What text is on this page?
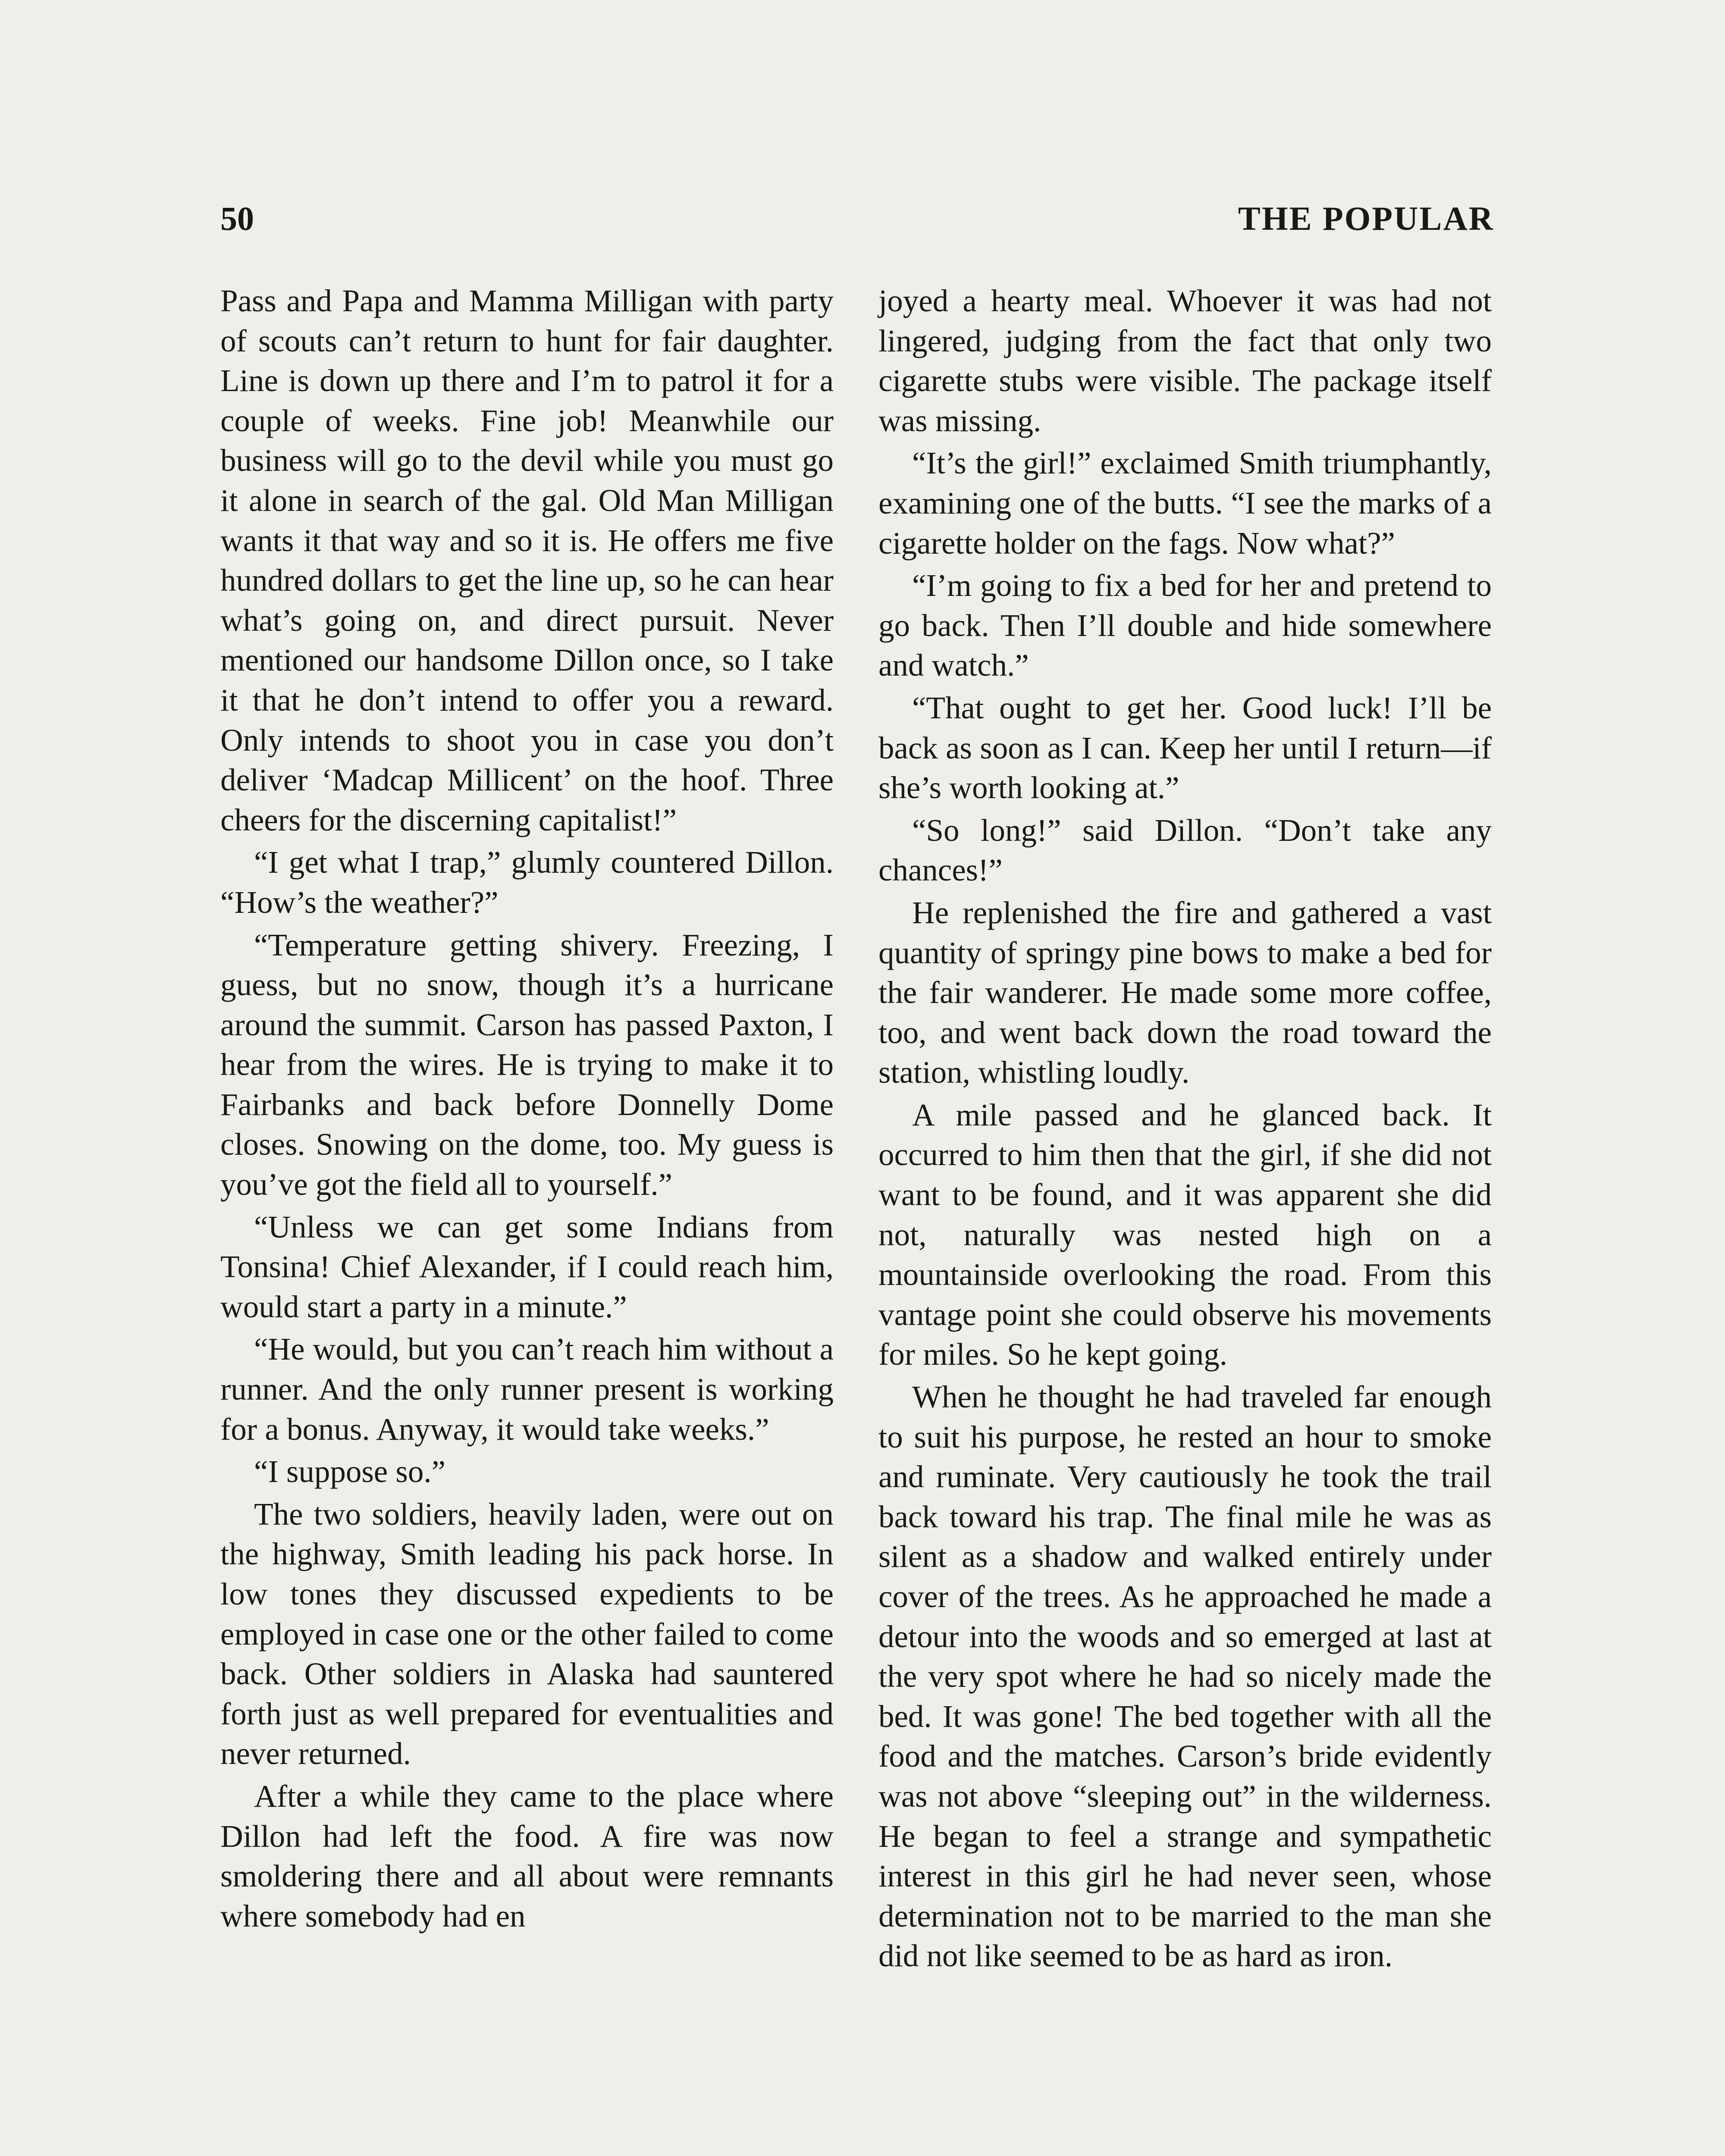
50	THE POPULAR

Pass and Papa and Mamma Milligan with party of scouts can’t return to hunt for fair daughter. Line is down up there and I’m to patrol it for a couple of weeks. Fine job! Meanwhile our business will go to the devil while you must go it alone in search of the gal. Old Man Milligan wants it that way and so it is. He offers me five hundred dollars to get the line up, so he can hear what’s going on, and direct pursuit. Never mentioned our handsome Dillon once, so I take it that he don’t intend to offer you a reward. Only intends to shoot you in case you don’t deliver ‘Madcap Millicent’ on the hoof. Three cheers for the discerning capitalist!”

“I get what I trap,” glumly countered Dillon. “How’s the weather?”

“Temperature getting shivery. Freezing, I guess, but no snow, though it’s a hurricane around the summit. Carson has passed Paxton, I hear from the wires. He is trying to make it to Fairbanks and back before Donnelly Dome closes. Snowing on the dome, too. My guess is you’ve got the field all to yourself.”

“Unless we can get some Indians from Tonsina! Chief Alexander, if I could reach him, would start a party in a minute.”

“He would, but you can’t reach him without a runner. And the only runner present is working for a bonus. Anyway, it would take weeks.”

“I suppose so.”

The two soldiers, heavily laden, were out on the highway, Smith leading his pack horse. In low tones they discussed expedients to be employed in case one or the other failed to come back. Other soldiers in Alaska had sauntered forth just as well prepared for eventualities and never returned.

After a while they came to the place where Dillon had left the food. A fire was now smoldering there and all about were remnants where somebody had en

joyed a hearty meal. Whoever it was had not lingered, judging from the fact that only two cigarette stubs were visible. The package itself was missing.

“It’s the girl!” exclaimed Smith triumphantly, examining one of the butts. “I see the marks of a cigarette holder on the fags. Now what?”

“I’m going to fix a bed for her and pretend to go back. Then I’ll double and hide somewhere and watch.”

“That ought to get her. Good luck! I’ll be back as soon as I can. Keep her until I return—if she’s worth looking at.”

“So long!” said Dillon. “Don’t take any chances!”

He replenished the fire and gathered a vast quantity of springy pine bows to make a bed for the fair wanderer. He made some more coffee, too, and went back down the road toward the station, whistling loudly.

A mile passed and he glanced back. It occurred to him then that the girl, if she did not want to be found, and it was apparent she did not, naturally was nested high on a mountainside overlooking the road. From this vantage point she could observe his movements for miles. So he kept going.

When he thought he had traveled far enough to suit his purpose, he rested an hour to smoke and ruminate. Very cautiously he took the trail back toward his trap. The final mile he was as silent as a shadow and walked entirely under cover of the trees. As he approached he made a detour into the woods and so emerged at last at the very spot where he had so nicely made the bed. It was gone! The bed together with all the food and the matches. Carson’s bride evidently was not above “sleeping out” in the wilderness. He began to feel a strange and sympathetic interest in this girl he had never seen, whose determination not to be married to the man she did not like seemed to be as hard as iron.
